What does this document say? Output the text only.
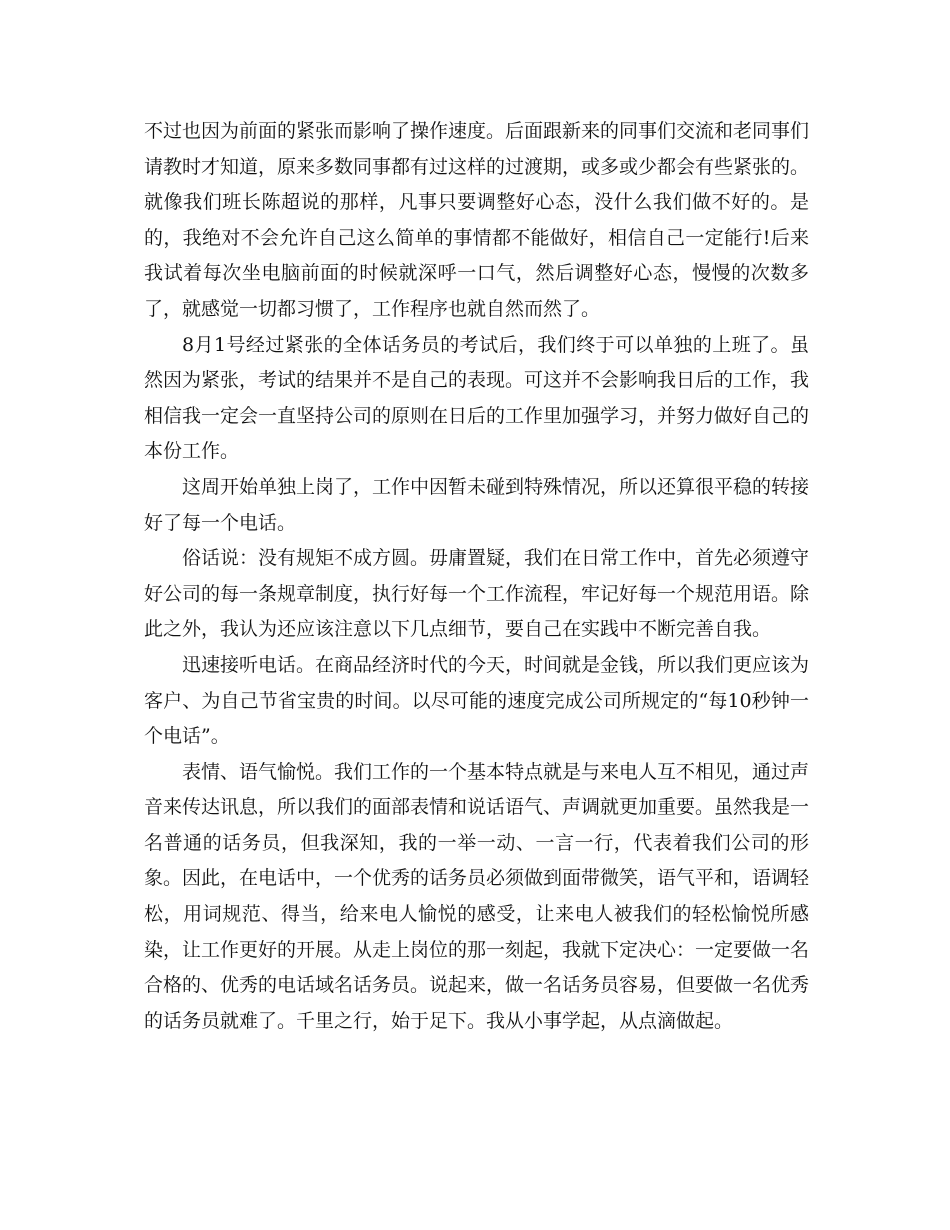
不过也因为前面的紧张而影响了操作速度。后面跟新来的同事们交流和老同事们请教时才知道，原来多数同事都有过这样的过渡期，或多或少都会有些紧张的。就像我们班长陈超说的那样，凡事只要调整好心态，没什么我们做不好的。是的，我绝对不会允许自己这么简单的事情都不能做好，相信自己一定能行!后来我试着每次坐电脑前面的时候就深呼一口气，然后调整好心态，慢慢的次数多了，就感觉一切都习惯了，工作程序也就自然而然了。

8月1号经过紧张的全体话务员的考试后，我们终于可以单独的上班了。虽然因为紧张，考试的结果并不是自己的表现。可这并不会影响我日后的工作，我相信我一定会一直坚持公司的原则在日后的工作里加强学习，并努力做好自己的本份工作。

这周开始单独上岗了，工作中因暂未碰到特殊情况，所以还算很平稳的转接好了每一个电话。

俗话说：没有规矩不成方圆。毋庸置疑，我们在日常工作中，首先必须遵守好公司的每一条规章制度，执行好每一个工作流程，牢记好每一个规范用语。除此之外，我认为还应该注意以下几点细节，要自己在实践中不断完善自我。

迅速接听电话。在商品经济时代的今天，时间就是金钱，所以我们更应该为客户、为自己节省宝贵的时间。以尽可能的速度完成公司所规定的“每10秒钟一个电话”。

表情、语气愉悦。我们工作的一个基本特点就是与来电人互不相见，通过声音来传达讯息，所以我们的面部表情和说话语气、声调就更加重要。虽然我是一名普通的话务员，但我深知，我的一举一动、一言一行，代表着我们公司的形象。因此，在电话中，一个优秀的话务员必须做到面带微笑，语气平和，语调轻松，用词规范、得当，给来电人愉悦的感受，让来电人被我们的轻松愉悦所感染，让工作更好的开展。从走上岗位的那一刻起，我就下定决心：一定要做一名合格的、优秀的电话域名话务员。说起来，做一名话务员容易，但要做一名优秀的话务员就难了。千里之行，始于足下。我从小事学起，从点滴做起。
